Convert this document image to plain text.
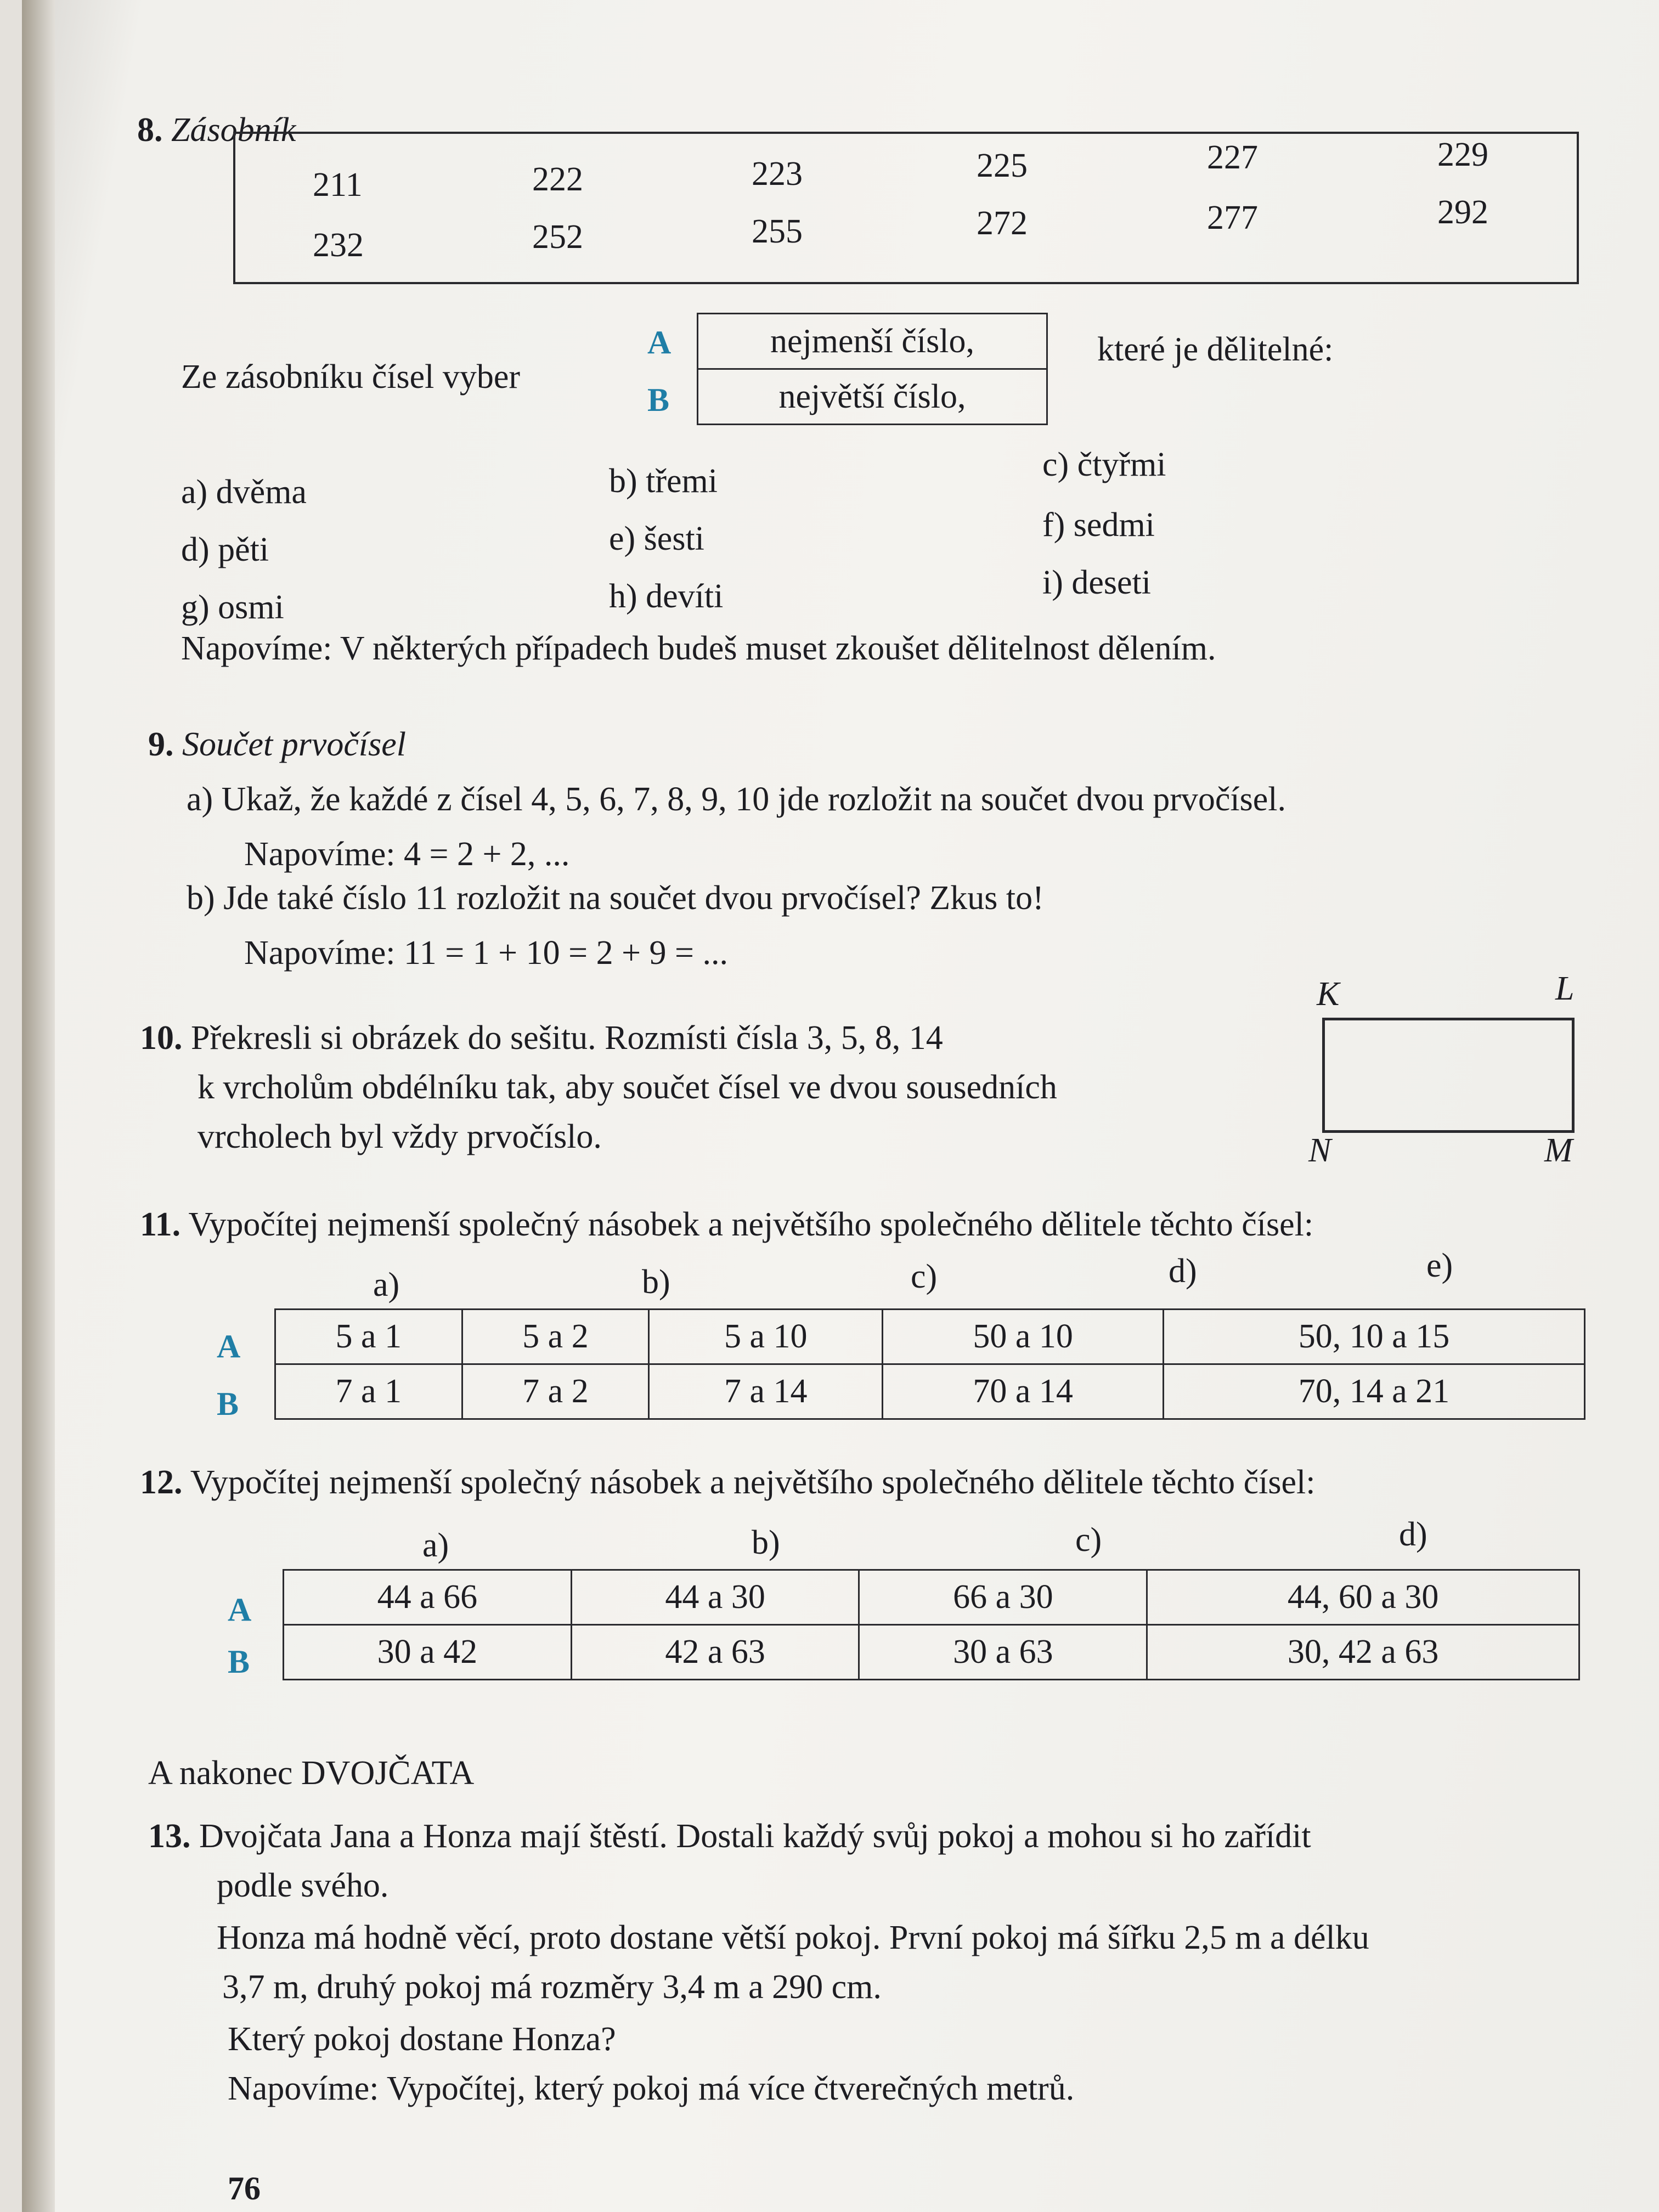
8. Zásobník
211	222	223	225	227	229
232	252	255	272	277	292
Ze zásobníku čísel vyber
A
B
nejmenší číslo,
největší číslo,
které je dělitelné:
a) dvěma	b) třemi	c) čtyřmi
d) pěti	e) šesti	f) sedmi
g) osmi	h) devíti	i) deseti
Napovíme: V některých případech budeš muset zkoušet dělitelnost dělením.
9. Součet prvočísel
a) Ukaž, že každé z čísel 4, 5, 6, 7, 8, 9, 10 jde rozložit na součet dvou prvočísel.
Napovíme: 4 = 2 + 2, ...
b) Jde také číslo 11 rozložit na součet dvou prvočísel? Zkus to!
Napovíme: 11 = 1 + 10 = 2 + 9 = ...
10. Překresli si obrázek do sešitu. Rozmísti čísla 3, 5, 8, 14
k vrcholům obdélníku tak, aby součet čísel ve dvou sousedních
vrcholech byl vždy prvočíslo.
K	L
N	M
11. Vypočítej nejmenší společný násobek a největšího společného dělitele těchto čísel:
a)	b)	c)	d)	e)
A
B
5 a 1	5 a 2	5 a 10	50 a 10	50, 10 a 15
7 a 1	7 a 2	7 a 14	70 a 14	70, 14 a 21
12. Vypočítej nejmenší společný násobek a největšího společného dělitele těchto čísel:
a)	b)	c)	d)
A
B
44 a 66	44 a 30	66 a 30	44, 60 a 30
30 a 42	42 a 63	30 a 63	30, 42 a 63
A nakonec DVOJČATA
13. Dvojčata Jana a Honza mají štěstí. Dostali každý svůj pokoj a mohou si ho zařídit
podle svého.
Honza má hodně věcí, proto dostane větší pokoj. První pokoj má šířku 2,5 m a délku
3,7 m, druhý pokoj má rozměry 3,4 m a 290 cm.
Který pokoj dostane Honza?
Napovíme: Vypočítej, který pokoj má více čtverečných metrů.
76
